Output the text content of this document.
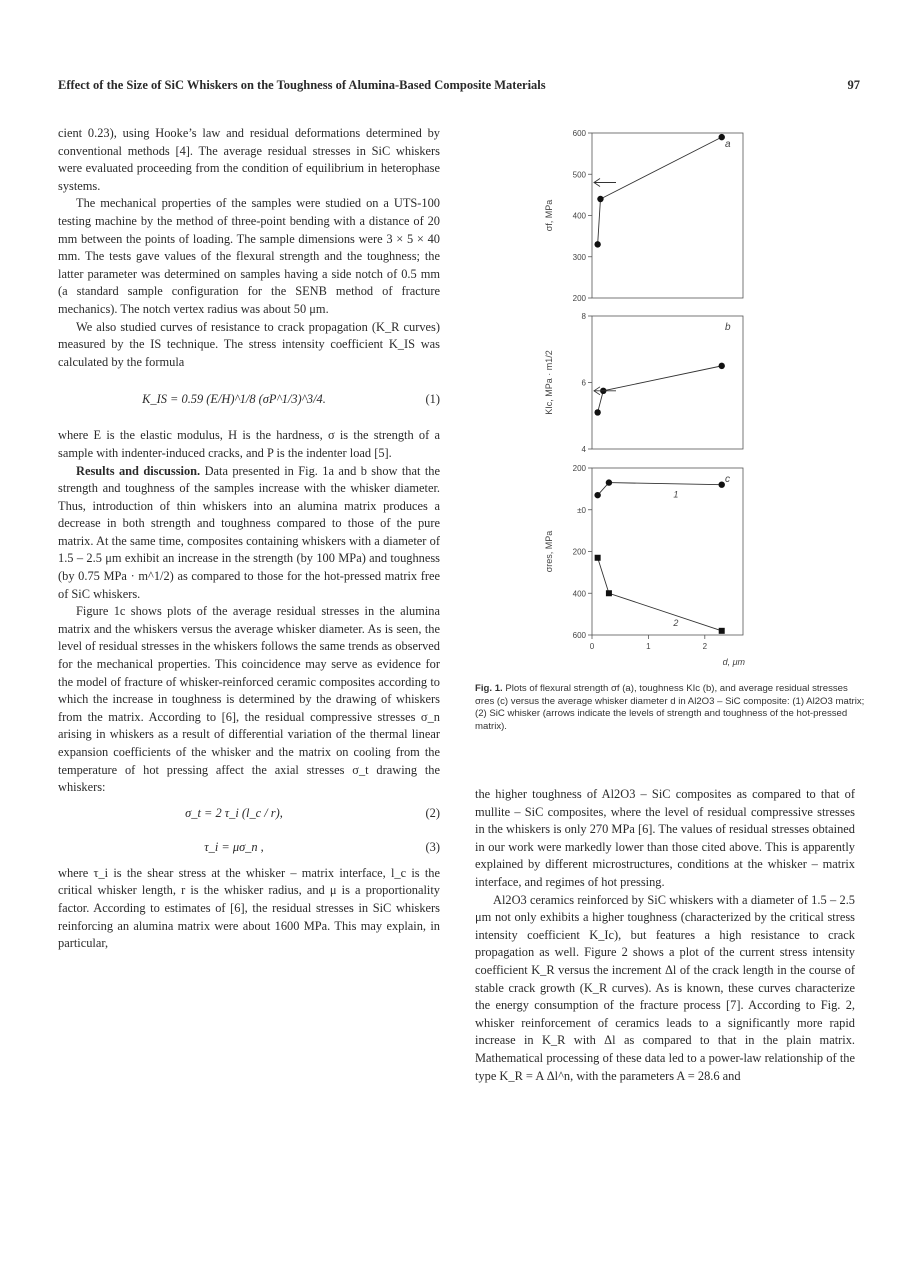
Effect of the Size of SiC Whiskers on the Toughness of Alumina-Based Composite Materials	97

cient 0.23), using Hooke’s law and residual deformations determined by conventional methods [4]. The average residual stresses in SiC whiskers were evaluated proceeding from the condition of equilibrium in heterophase systems.

The mechanical properties of the samples were studied on a UTS-100 testing machine by the method of three-point bending with a distance of 20 mm between the points of loading. The sample dimensions were 3 × 5 × 40 mm. The tests gave values of the flexural strength and the toughness; the latter parameter was determined on samples having a side notch of 0.5 mm (a standard sample configuration for the SENB method of fracture mechanics). The notch vertex radius was about 50 μm.

We also studied curves of resistance to crack propagation (K_R curves) measured by the IS technique. The stress intensity coefficient K_IS was calculated by the formula

K_IS = 0.59 (E/H)^1/8 (σP^1/3)^3/4.	(1)

where E is the elastic modulus, H is the hardness, σ is the strength of a sample with indenter-induced cracks, and P is the indenter load [5].

Results and discussion. Data presented in Fig. 1a and b show that the strength and toughness of the samples increase with the whisker diameter. Thus, introduction of thin whiskers into an alumina matrix produces a decrease in both strength and toughness compared to those of the pure matrix. At the same time, composites containing whiskers with a diameter of 1.5 – 2.5 μm exhibit an increase in the strength (by 100 MPa) and toughness (by 0.75 MPa · m^1/2) as compared to those for the hot-pressed matrix free of SiC whiskers.

Figure 1c shows plots of the average residual stresses in the alumina matrix and the whiskers versus the average whisker diameter. As is seen, the level of residual stresses in the whiskers follows the same trends as observed for the mechanical properties. This coincidence may serve as evidence for the model of fracture of whisker-reinforced ceramic composites according to which the increase in toughness is determined by the drawing of whiskers from the matrix. According to [6], the residual compressive stresses σ_n arising in whiskers as a result of differential variation of the thermal linear expansion coefficients of the whisker and the matrix on cooling from the temperature of hot pressing affect the axial stresses σ_t drawing the whiskers:

σ_t = 2 τ_i (l_c / r),	(2)
τ_i = μσ_n ,	(3)

where τ_i is the shear stress at the whisker – matrix interface, l_c is the critical whisker length, r is the whisker radius, and μ is a proportionality factor. According to estimates of [6], the residual stresses in SiC whiskers reinforcing an alumina matrix were about 1600 MPa. This may explain, in particular,

600
500
400
300
200
σf, MPa
a
8
6
4
KIc, MPa · m1/2
b
200
±0
200
400
600
σres, MPa
c
1
2
0	1	2
d, μm
Fig. 1. Plots of flexural strength σf (a), toughness KIc (b), and average residual stresses σres (c) versus the average whisker diameter d in Al2O3 – SiC composite: (1) Al2O3 matrix; (2) SiC whisker (arrows indicate the levels of strength and toughness of the hot-pressed matrix).

the higher toughness of Al2O3 – SiC composites as compared to that of mullite – SiC composites, where the level of residual compressive stresses in the whiskers is only 270 MPa [6]. The values of residual stresses obtained in our work were markedly lower than those cited above. This is apparently explained by different microstructures, conditions at the whisker – matrix interface, and regimes of hot pressing.

Al2O3 ceramics reinforced by SiC whiskers with a diameter of 1.5 – 2.5 μm not only exhibits a higher toughness (characterized by the critical stress intensity coefficient K_Ic), but features a high resistance to crack propagation as well. Figure 2 shows a plot of the current stress intensity coefficient K_R versus the increment Δl of the crack length in the course of stable crack growth (K_R curves). As is known, these curves characterize the energy consumption of the fracture process [7]. According to Fig. 2, whisker reinforcement of ceramics leads to a significantly more rapid increase in K_R with Δl as compared to that in the plain matrix. Mathematical processing of these data led to a power-law relationship of the type K_R = A Δl^n, with the parameters A = 28.6 and
